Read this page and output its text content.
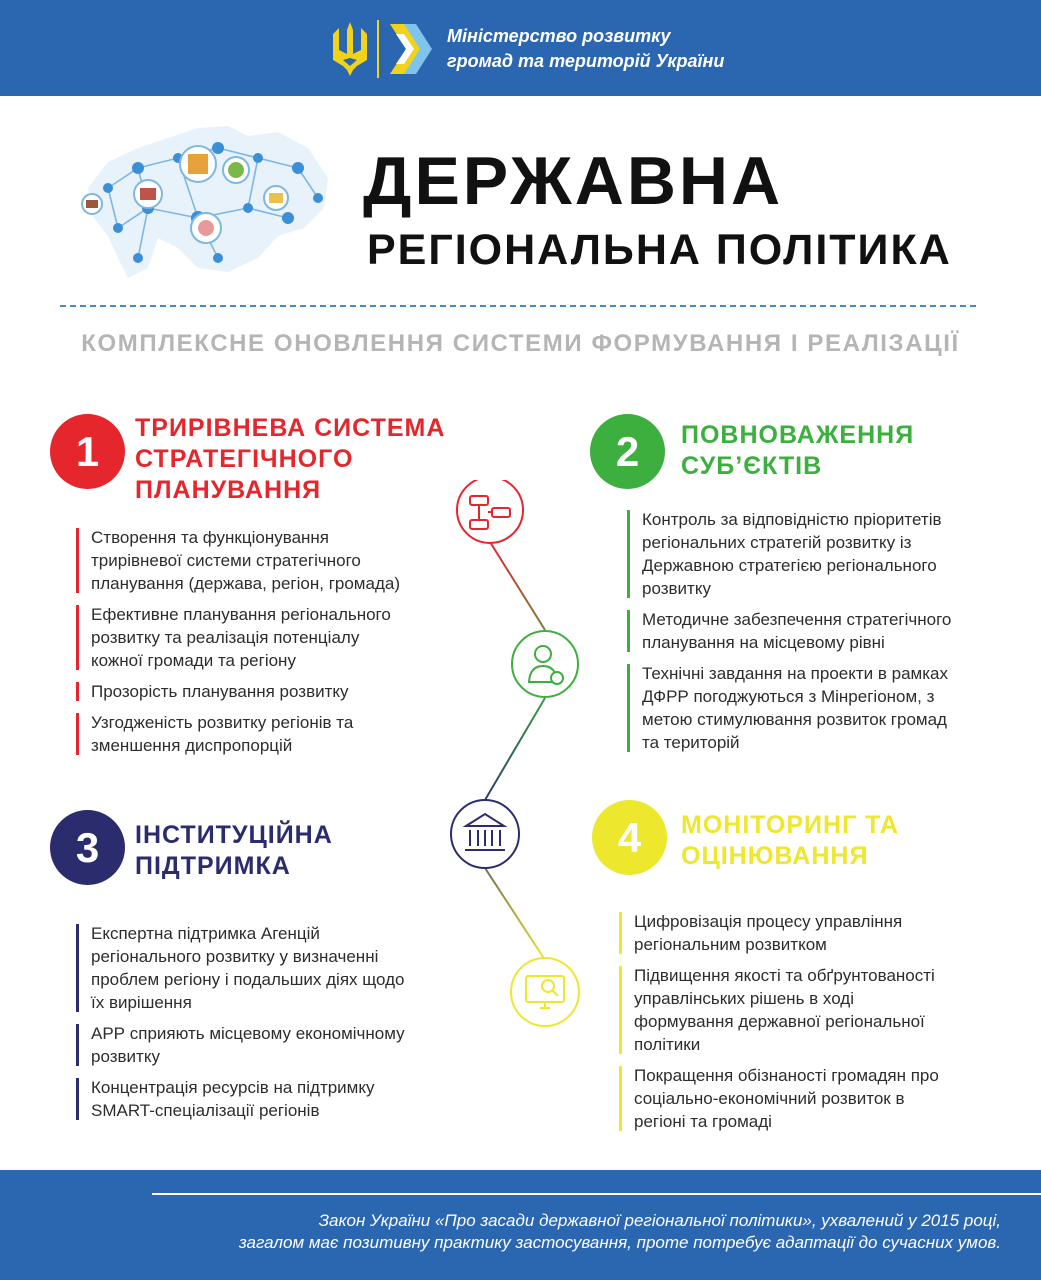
Міністерство розвитку
громад та територій України
ДЕРЖАВНА
РЕГІОНАЛЬНА ПОЛІТИКА
КОМПЛЕКСНЕ ОНОВЛЕННЯ СИСТЕМИ ФОРМУВАННЯ І РЕАЛІЗАЦІЇ
1	ТРИРІВНЕВА СИСТЕМА
СТРАТЕГІЧНОГО
ПЛАНУВАННЯ
Створення та функціонування
трирівневої системи стратегічного
планування (держава, регіон, громада)
Ефективне планування регіонального
розвитку та реалізація потенціалу
кожної громади та регіону
Прозорість планування розвитку
Узгодженість розвитку регіонів та
зменшення диспропорцій
2	ПОВНОВАЖЕННЯ
СУБ’ЄКТІВ
Контроль за відповідністю пріоритетів
регіональних стратегій розвитку із
Державною стратегією регіонального
розвитку
Методичне забезпечення стратегічного
планування на місцевому рівні
Технічні завдання на проекти в рамках
ДФРР погоджуються з Мінрегіоном, з
метою стимулювання розвиток громад
та територій
3	ІНСТИТУЦІЙНА
ПІДТРИМКА
Експертна підтримка Агенцій
регіонального розвитку у визначенні
проблем регіону і подальших діях щодо
їх вирішення
АРР сприяють місцевому економічному
розвитку
Концентрація ресурсів на підтримку
SMART-спеціалізації регіонів
4	МОНІТОРИНГ ТА
ОЦІНЮВАННЯ
Цифровізація процесу управління
регіональним розвитком
Підвищення якості та обґрунтованості
управлінських рішень в ході
формування державної регіональної
політики
Покращення обізнаності громадян про
соціально-економічний розвиток в
регіоні та громаді
Закон України «Про засади державної регіональної політики», ухвалений у 2015 році,
загалом має позитивну практику застосування, проте потребує адаптації до сучасних умов.
